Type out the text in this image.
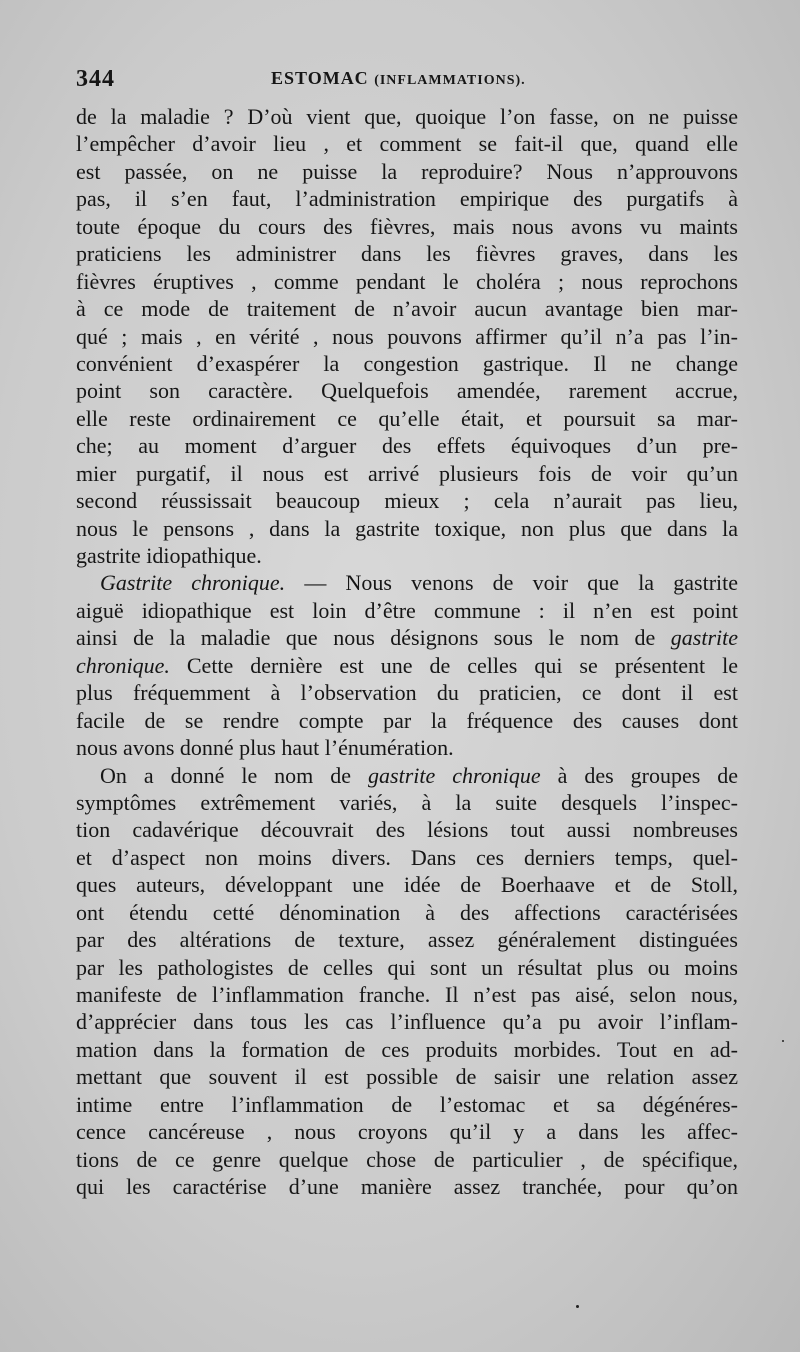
344	ESTOMAC (INFLAMMATIONS).
de la maladie ? D’où vient que, quoique l’on fasse, on ne puisse
l’empêcher d’avoir lieu , et comment se fait-il que, quand elle
est passée, on ne puisse la reproduire? Nous n’approuvons
pas, il s’en faut, l’administration empirique des purgatifs à
toute époque du cours des fièvres, mais nous avons vu maints
praticiens les administrer dans les fièvres graves, dans les
fièvres éruptives , comme pendant le choléra ; nous reprochons
à ce mode de traitement de n’avoir aucun avantage bien mar-
qué ; mais , en vérité , nous pouvons affirmer qu’il n’a pas l’in-
convénient d’exaspérer la congestion gastrique. Il ne change
point son caractère. Quelquefois amendée, rarement accrue,
elle reste ordinairement ce qu’elle était, et poursuit sa mar-
che; au moment d’arguer des effets équivoques d’un pre-
mier purgatif, il nous est arrivé plusieurs fois de voir qu’un
second réussissait beaucoup mieux ; cela n’aurait pas lieu,
nous le pensons , dans la gastrite toxique, non plus que dans la
gastrite idiopathique.
Gastrite chronique. — Nous venons de voir que la gastrite
aiguë idiopathique est loin d’être commune : il n’en est point
ainsi de la maladie que nous désignons sous le nom de gastrite
chronique. Cette dernière est une de celles qui se présentent le
plus fréquemment à l’observation du praticien, ce dont il est
facile de se rendre compte par la fréquence des causes dont
nous avons donné plus haut l’énumération.
On a donné le nom de gastrite chronique à des groupes de
symptômes extrêmement variés, à la suite desquels l’inspec-
tion cadavérique découvrait des lésions tout aussi nombreuses
et d’aspect non moins divers. Dans ces derniers temps, quel-
ques auteurs, développant une idée de Boerhaave et de Stoll,
ont étendu cetté dénomination à des affections caractérisées
par des altérations de texture, assez généralement distinguées
par les pathologistes de celles qui sont un résultat plus ou moins
manifeste de l’inflammation franche. Il n’est pas aisé, selon nous,
d’apprécier dans tous les cas l’influence qu’a pu avoir l’inflam-
mation dans la formation de ces produits morbides. Tout en ad-
mettant que souvent il est possible de saisir une relation assez
intime entre l’inflammation de l’estomac et sa dégénéres-
cence cancéreuse , nous croyons qu’il y a dans les affec-
tions de ce genre quelque chose de particulier , de spécifique,
qui les caractérise d’une manière assez tranchée, pour qu’on
